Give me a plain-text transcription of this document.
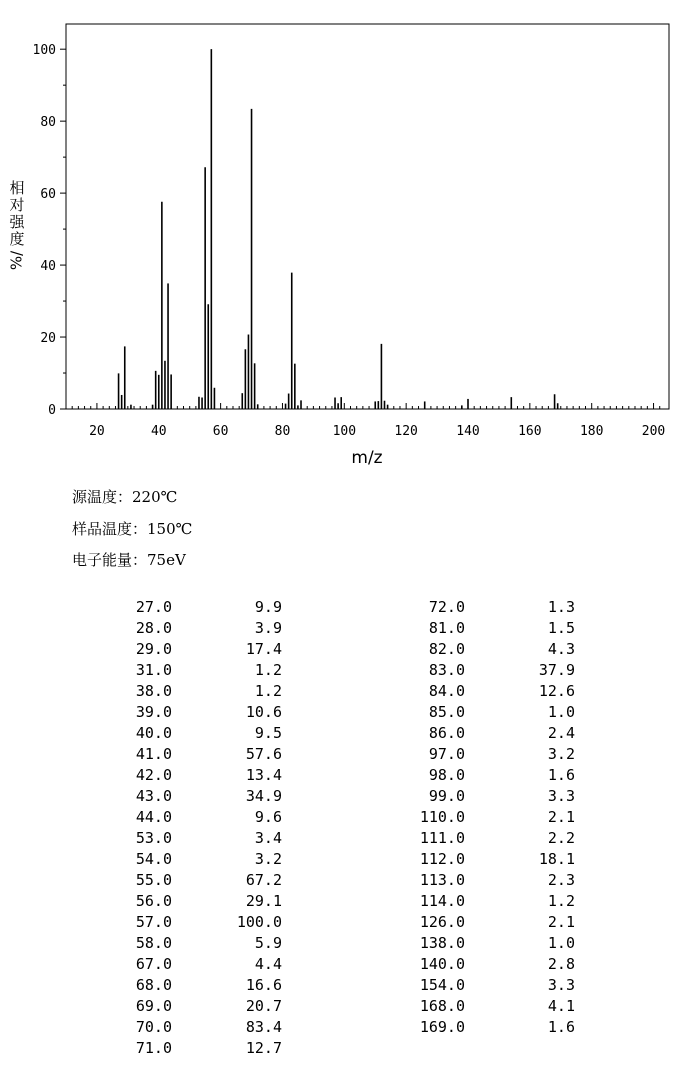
0
20
40
60
80
100
20	40	60	80	100	120	140	160	180	200
m/z
相
对
强
度
%/
源温度：220℃
样品温度：150℃
电子能量：75eV
27.0	9.9
28.0	3.9
29.0	17.4
31.0	1.2
38.0	1.2
39.0	10.6
40.0	9.5
41.0	57.6
42.0	13.4
43.0	34.9
44.0	9.6
53.0	3.4
54.0	3.2
55.0	67.2
56.0	29.1
57.0	100.0
58.0	5.9
67.0	4.4
68.0	16.6
69.0	20.7
70.0	83.4
71.0	12.7
72.0	1.3
81.0	1.5
82.0	4.3
83.0	37.9
84.0	12.6
85.0	1.0
86.0	2.4
97.0	3.2
98.0	1.6
99.0	3.3
110.0	2.1
111.0	2.2
112.0	18.1
113.0	2.3
114.0	1.2
126.0	2.1
138.0	1.0
140.0	2.8
154.0	3.3
168.0	4.1
169.0	1.6
